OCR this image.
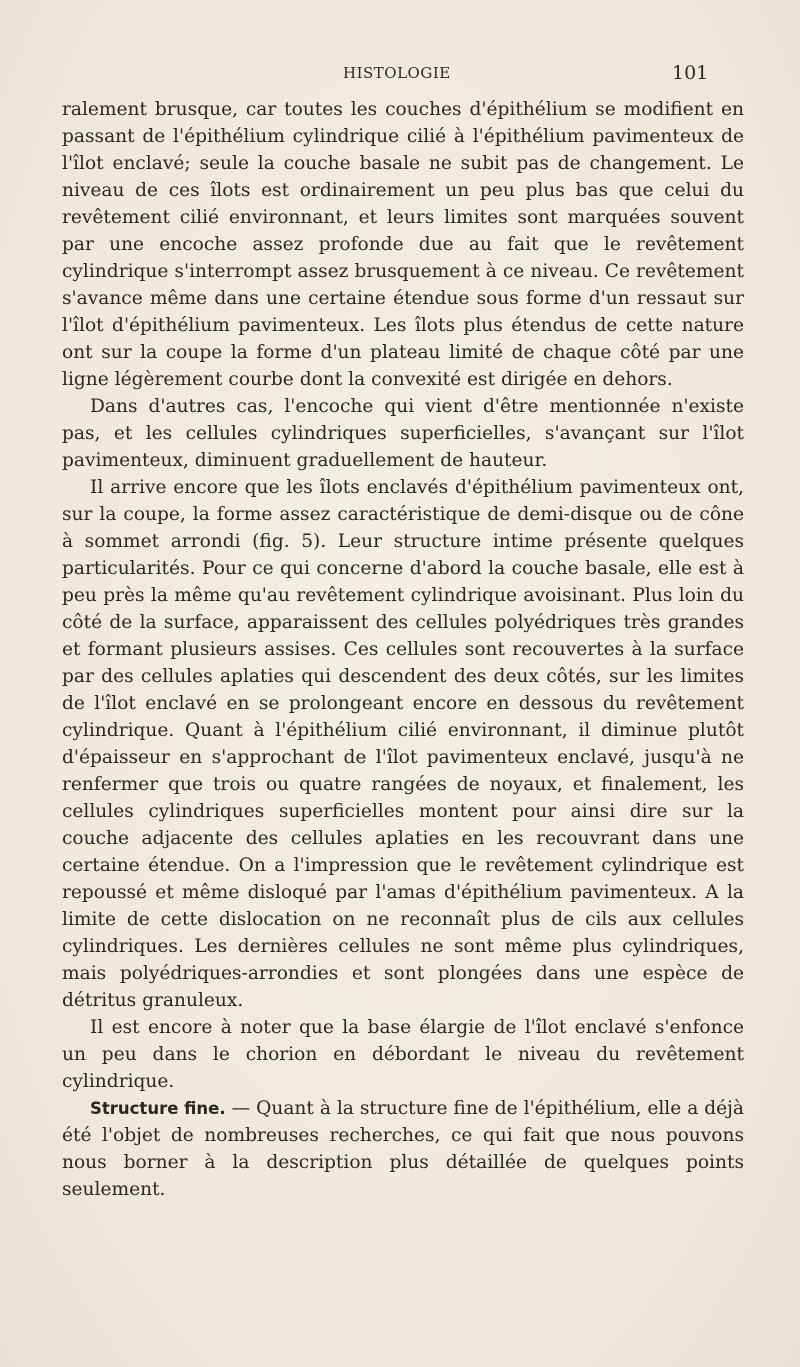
HISTOLOGIE	101

ralement brusque, car toutes les couches d'épithélium se modifient en passant de l'épithélium cylindrique cilié à l'épithélium pavimenteux de l'îlot enclavé; seule la couche basale ne subit pas de changement. Le niveau de ces îlots est ordinairement un peu plus bas que celui du revêtement cilié environnant, et leurs limites sont marquées souvent par une encoche assez profonde due au fait que le revêtement cylindrique s'interrompt assez brusquement à ce niveau. Ce revêtement s'avance même dans une certaine étendue sous forme d'un ressaut sur l'îlot d'épithélium pavimenteux. Les îlots plus étendus de cette nature ont sur la coupe la forme d'un plateau limité de chaque côté par une ligne légèrement courbe dont la convexité est dirigée en dehors.

Dans d'autres cas, l'encoche qui vient d'être mentionnée n'existe pas, et les cellules cylindriques superficielles, s'avançant sur l'îlot pavimenteux, diminuent graduellement de hauteur.

Il arrive encore que les îlots enclavés d'épithélium pavimenteux ont, sur la coupe, la forme assez caractéristique de demi-disque ou de cône à sommet arrondi (fig. 5). Leur structure intime présente quelques particularités. Pour ce qui concerne d'abord la couche basale, elle est à peu près la même qu'au revêtement cylindrique avoisinant. Plus loin du côté de la surface, apparaissent des cellules polyédriques très grandes et formant plusieurs assises. Ces cellules sont recouvertes à la surface par des cellules aplaties qui descendent des deux côtés, sur les limites de l'îlot enclavé en se prolongeant encore en dessous du revêtement cylindrique. Quant à l'épithélium cilié environnant, il diminue plutôt d'épaisseur en s'approchant de l'îlot pavimenteux enclavé, jusqu'à ne renfermer que trois ou quatre rangées de noyaux, et finalement, les cellules cylindriques superficielles montent pour ainsi dire sur la couche adjacente des cellules aplaties en les recouvrant dans une certaine étendue. On a l'impression que le revêtement cylindrique est repoussé et même disloqué par l'amas d'épithélium pavimenteux. A la limite de cette dislocation on ne reconnaît plus de cils aux cellules cylindriques. Les dernières cellules ne sont même plus cylindriques, mais polyédriques-arrondies et sont plongées dans une espèce de détritus granuleux.

Il est encore à noter que la base élargie de l'îlot enclavé s'enfonce un peu dans le chorion en débordant le niveau du revêtement cylindrique.

Structure fine. — Quant à la structure fine de l'épithélium, elle a déjà été l'objet de nombreuses recherches, ce qui fait que nous pouvons nous borner à la description plus détaillée de quelques points seulement.
